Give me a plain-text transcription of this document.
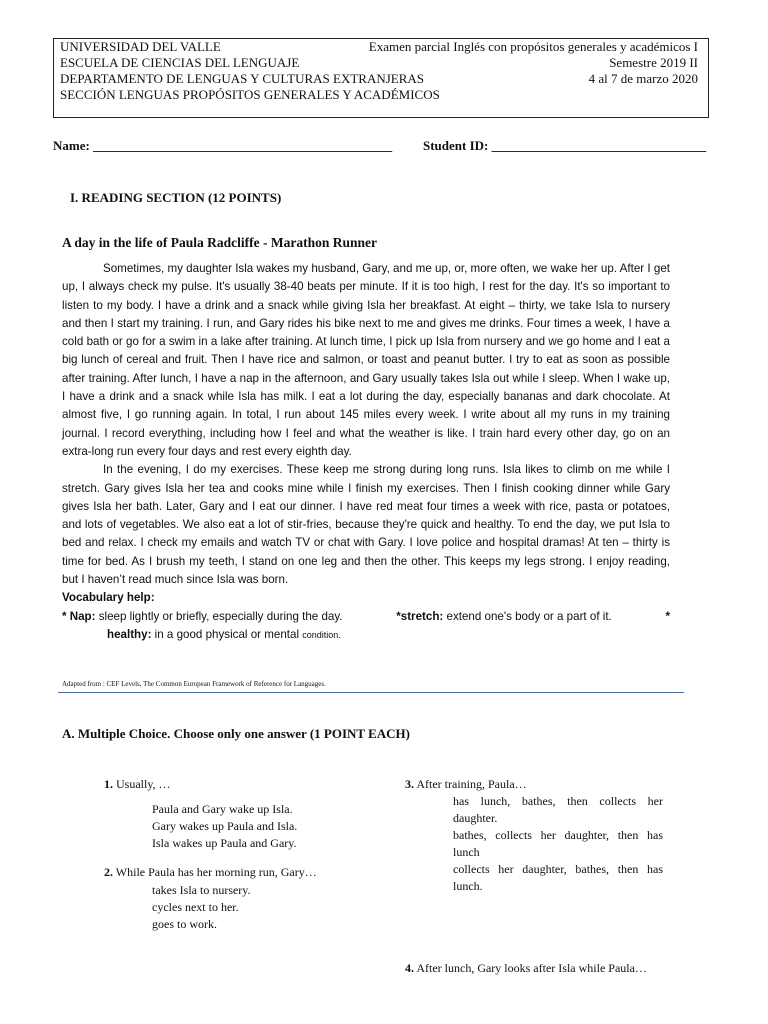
UNIVERSIDAD DEL VALLE	Examen parcial Inglés con propósitos generales y académicos I
ESCUELA DE CIENCIAS DEL LENGUAJE	Semestre 2019 II
DEPARTAMENTO DE LENGUAS Y CULTURAS EXTRANJERAS	4 al 7 de marzo 2020
SECCIÓN LENGUAS PROPÓSITOS GENERALES Y ACADÉMICOS
Name: ______________________________________________ Student ID: _________________________________
I. READING SECTION (12 POINTS)
A day in the life of Paula Radcliffe - Marathon Runner

Sometimes, my daughter Isla wakes my husband, Gary, and me up, or, more often, we wake her up. After I get up, I always check my pulse. It's usually 38-40 beats per minute. If it is too high, I rest for the day. It's so important to listen to my body. I have a drink and a snack while giving Isla her breakfast. At eight – thirty, we take Isla to nursery and then I start my training. I run, and Gary rides his bike next to me and gives me drinks. Four times a week, I have a cold bath or go for a swim in a lake after training. At lunch time, I pick up Isla from nursery and we go home and I eat a big lunch of cereal and fruit. Then I have rice and salmon, or toast and peanut butter. I try to eat as soon as possible after training. After lunch, I have a nap in the afternoon, and Gary usually takes Isla out while I sleep. When I wake up, I have a drink and a snack while Isla has milk. I eat a lot during the day, especially bananas and dark chocolate. At almost five, I go running again. In total, I run about 145 miles every week. I write about all my runs in my training journal. I record everything, including how I feel and what the weather is like. I train hard every other day, go on an extra-long run every four days and rest every eighth day.

In the evening, I do my exercises. These keep me strong during long runs. Isla likes to climb on me while I stretch. Gary gives Isla her tea and cooks mine while I finish my exercises. Then I finish cooking dinner while Gary gives Isla her bath. Later, Gary and I eat our dinner. I have red meat four times a week with rice, pasta or potatoes, and lots of vegetables. We also eat a lot of stir-fries, because they're quick and healthy. To end the day, we put Isla to bed and relax. I check my emails and watch TV or chat with Gary. I love police and hospital dramas! At ten – thirty is time for bed. As I brush my teeth, I stand on one leg and then the other. This keeps my legs strong. I enjoy reading, but I haven’t read much since Isla was born.

Vocabulary help:
* Nap: sleep lightly or briefly, especially during the day.	*stretch: extend one's body or a part of it.	*
healthy: in a good physical or mental condition.
Adapted from : CEF Levels, The Common European Framework of Reference for Languages.
A. Multiple Choice. Choose only one answer (1 POINT EACH)
1. Usually, …
Paula and Gary wake up Isla.
Gary wakes up Paula and Isla.
Isla wakes up Paula and Gary.
2. While Paula has her morning run, Gary…
takes Isla to nursery.
cycles next to her.
goes to work.
3. After training, Paula…
has lunch, bathes, then collects her daughter.
bathes, collects her daughter, then has lunch
collects her daughter, bathes, then has lunch.
4. After lunch, Gary looks after Isla while Paula…
